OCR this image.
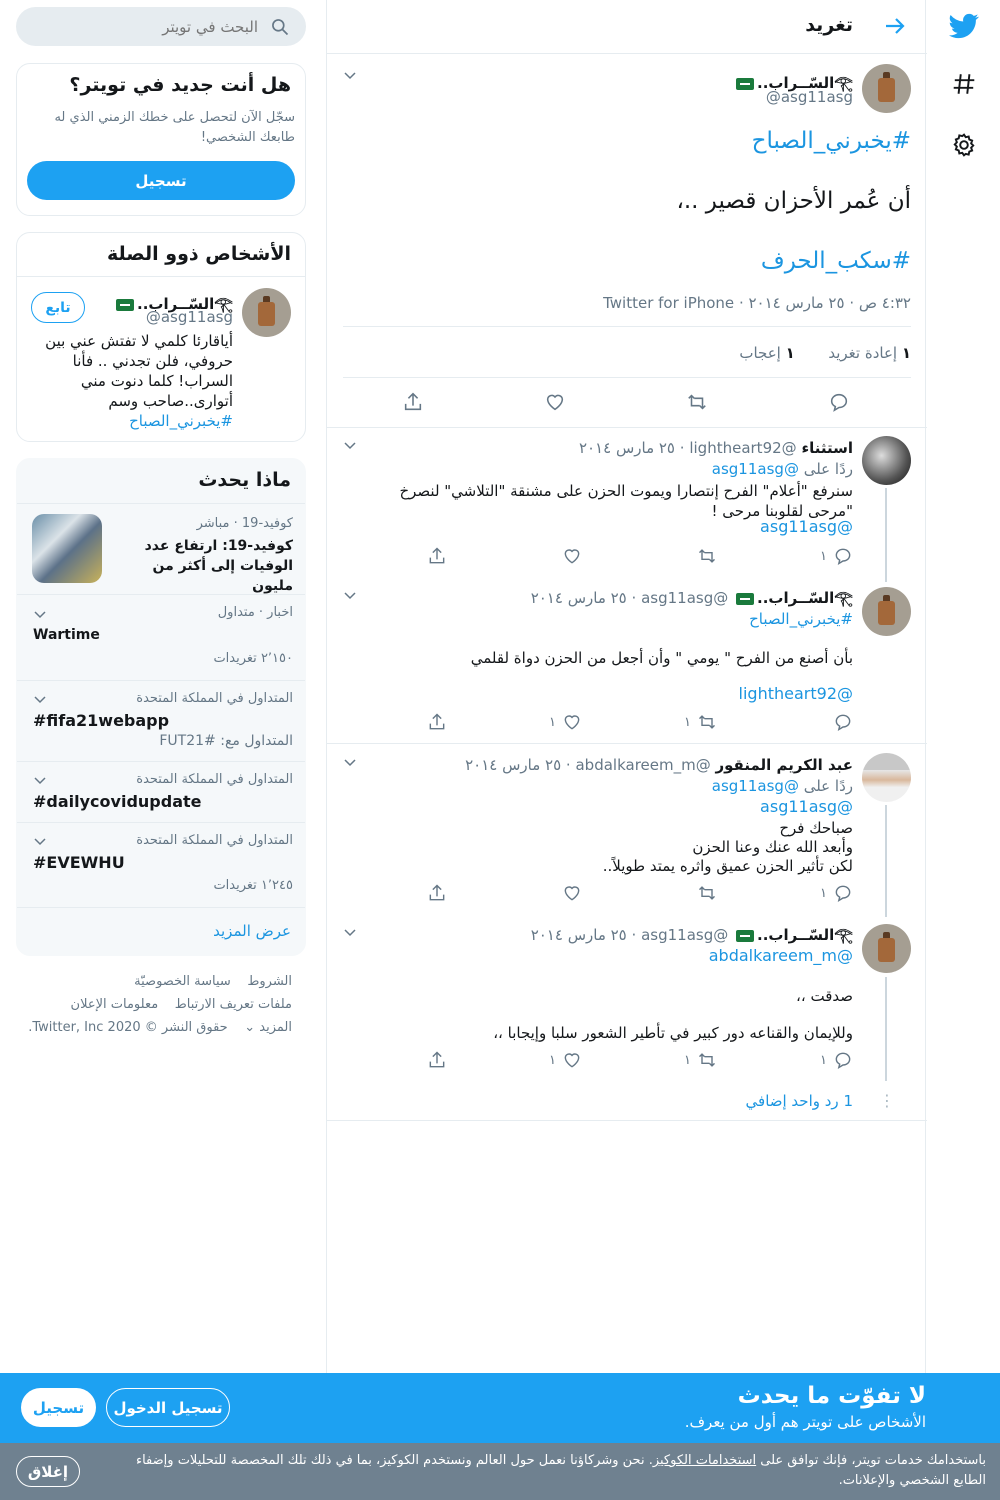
تغريد
𓂀السّــراب..
@asg11asg
#يخبرني_الصباح
أن عُمر الأحزان قصير ..،
#سكب_الحرف
٤:٣٢ ص · ٢٥ مارس ٢٠١٤ · Twitter for iPhone
١ إعادة تغريد  ١ إعجاب
استثناء @lightheart92 · ٢٥ مارس ٢٠١٤
ردًا على @asg11asg
سنرفع "أعلام" الفرح إنتصارا ويموت الحزن على مشنقة "التلاشي" لنصرخ "مرحى لقلوبنا مرحى !
@asg11asg
١
𓂀السّــراب.. @asg11asg · ٢٥ مارس ٢٠١٤
#يخبرني_الصباح
بأن أصنع من الفرح " يومي " وأن أجعل من الحزن دواة لقلمي
@lightheart92
١
١
عبد الكريم المنقور @abdalkareem_m · ٢٥ مارس ٢٠١٤
ردًا على @asg11asg
@asg11asg
صباحك فرح
وأبعد الله عنك وعنا الحزن
لكن تأثير الحزن عميق واثره يمتد طويلاً..
١
𓂀السّــراب.. @asg11asg · ٢٥ مارس ٢٠١٤
@abdalkareem_m
صدقت ،،
وللإيمان والقناعه دور كبير في تأطير الشعور سلبا وإيجابا ،،
١
١
١
⋮
1 رد واحد إضافي
البحث في تويتر
هل أنت جديد في تويتر؟
سجّل الآن لتحصل على خطك الزمني الذي له طابعك الشخصي!
تسجيل
الأشخاص ذوو الصلة
𓂀السّــراب..
@asg11asg
تابع
أياقارئا كلمي لا تفتش عني بين حروفي، فلن تجدني .. فأنا السراب! كلما دنوت مني أتوارى..صاحب وسم #يخبرني_الصباح
ماذا يحدث
كوفيد-19 · مباشر
كوفيد-19: ارتفاع عدد الوفيات إلى أكثر من مليون
اخبار · متداول
Wartime
٢٬١٥٠ تغريدات
المتداول في المملكة المتحدة
#fifa21webapp
المتداول مع: #FUT21
المتداول في المملكة المتحدة
#dailycovidupdate
المتداول في المملكة المتحدة
#EVEWHU
١٬٢٤٥ تغريدات
عرض المزيد
الشروط    سياسة الخصوصيّة
ملفات تعريف الارتباط    معلومات الإعلان
المزيد ⌄    حقوق النشر © 2020 Twitter, Inc.
لا تفوّت ما يحدث
الأشخاص على تويتر هم أول من يعرف.
تسجيل الدخول
تسجيل
باستخدامك خدمات تويتر، فإنك توافق على استخدامات الكوكيز. نحن وشركاؤنا نعمل حول العالم ونستخدم الكوكيز، بما في ذلك تلك المخصصة للتحليلات وإضفاء الطابع الشخصي والإعلانات.
إغلاق
